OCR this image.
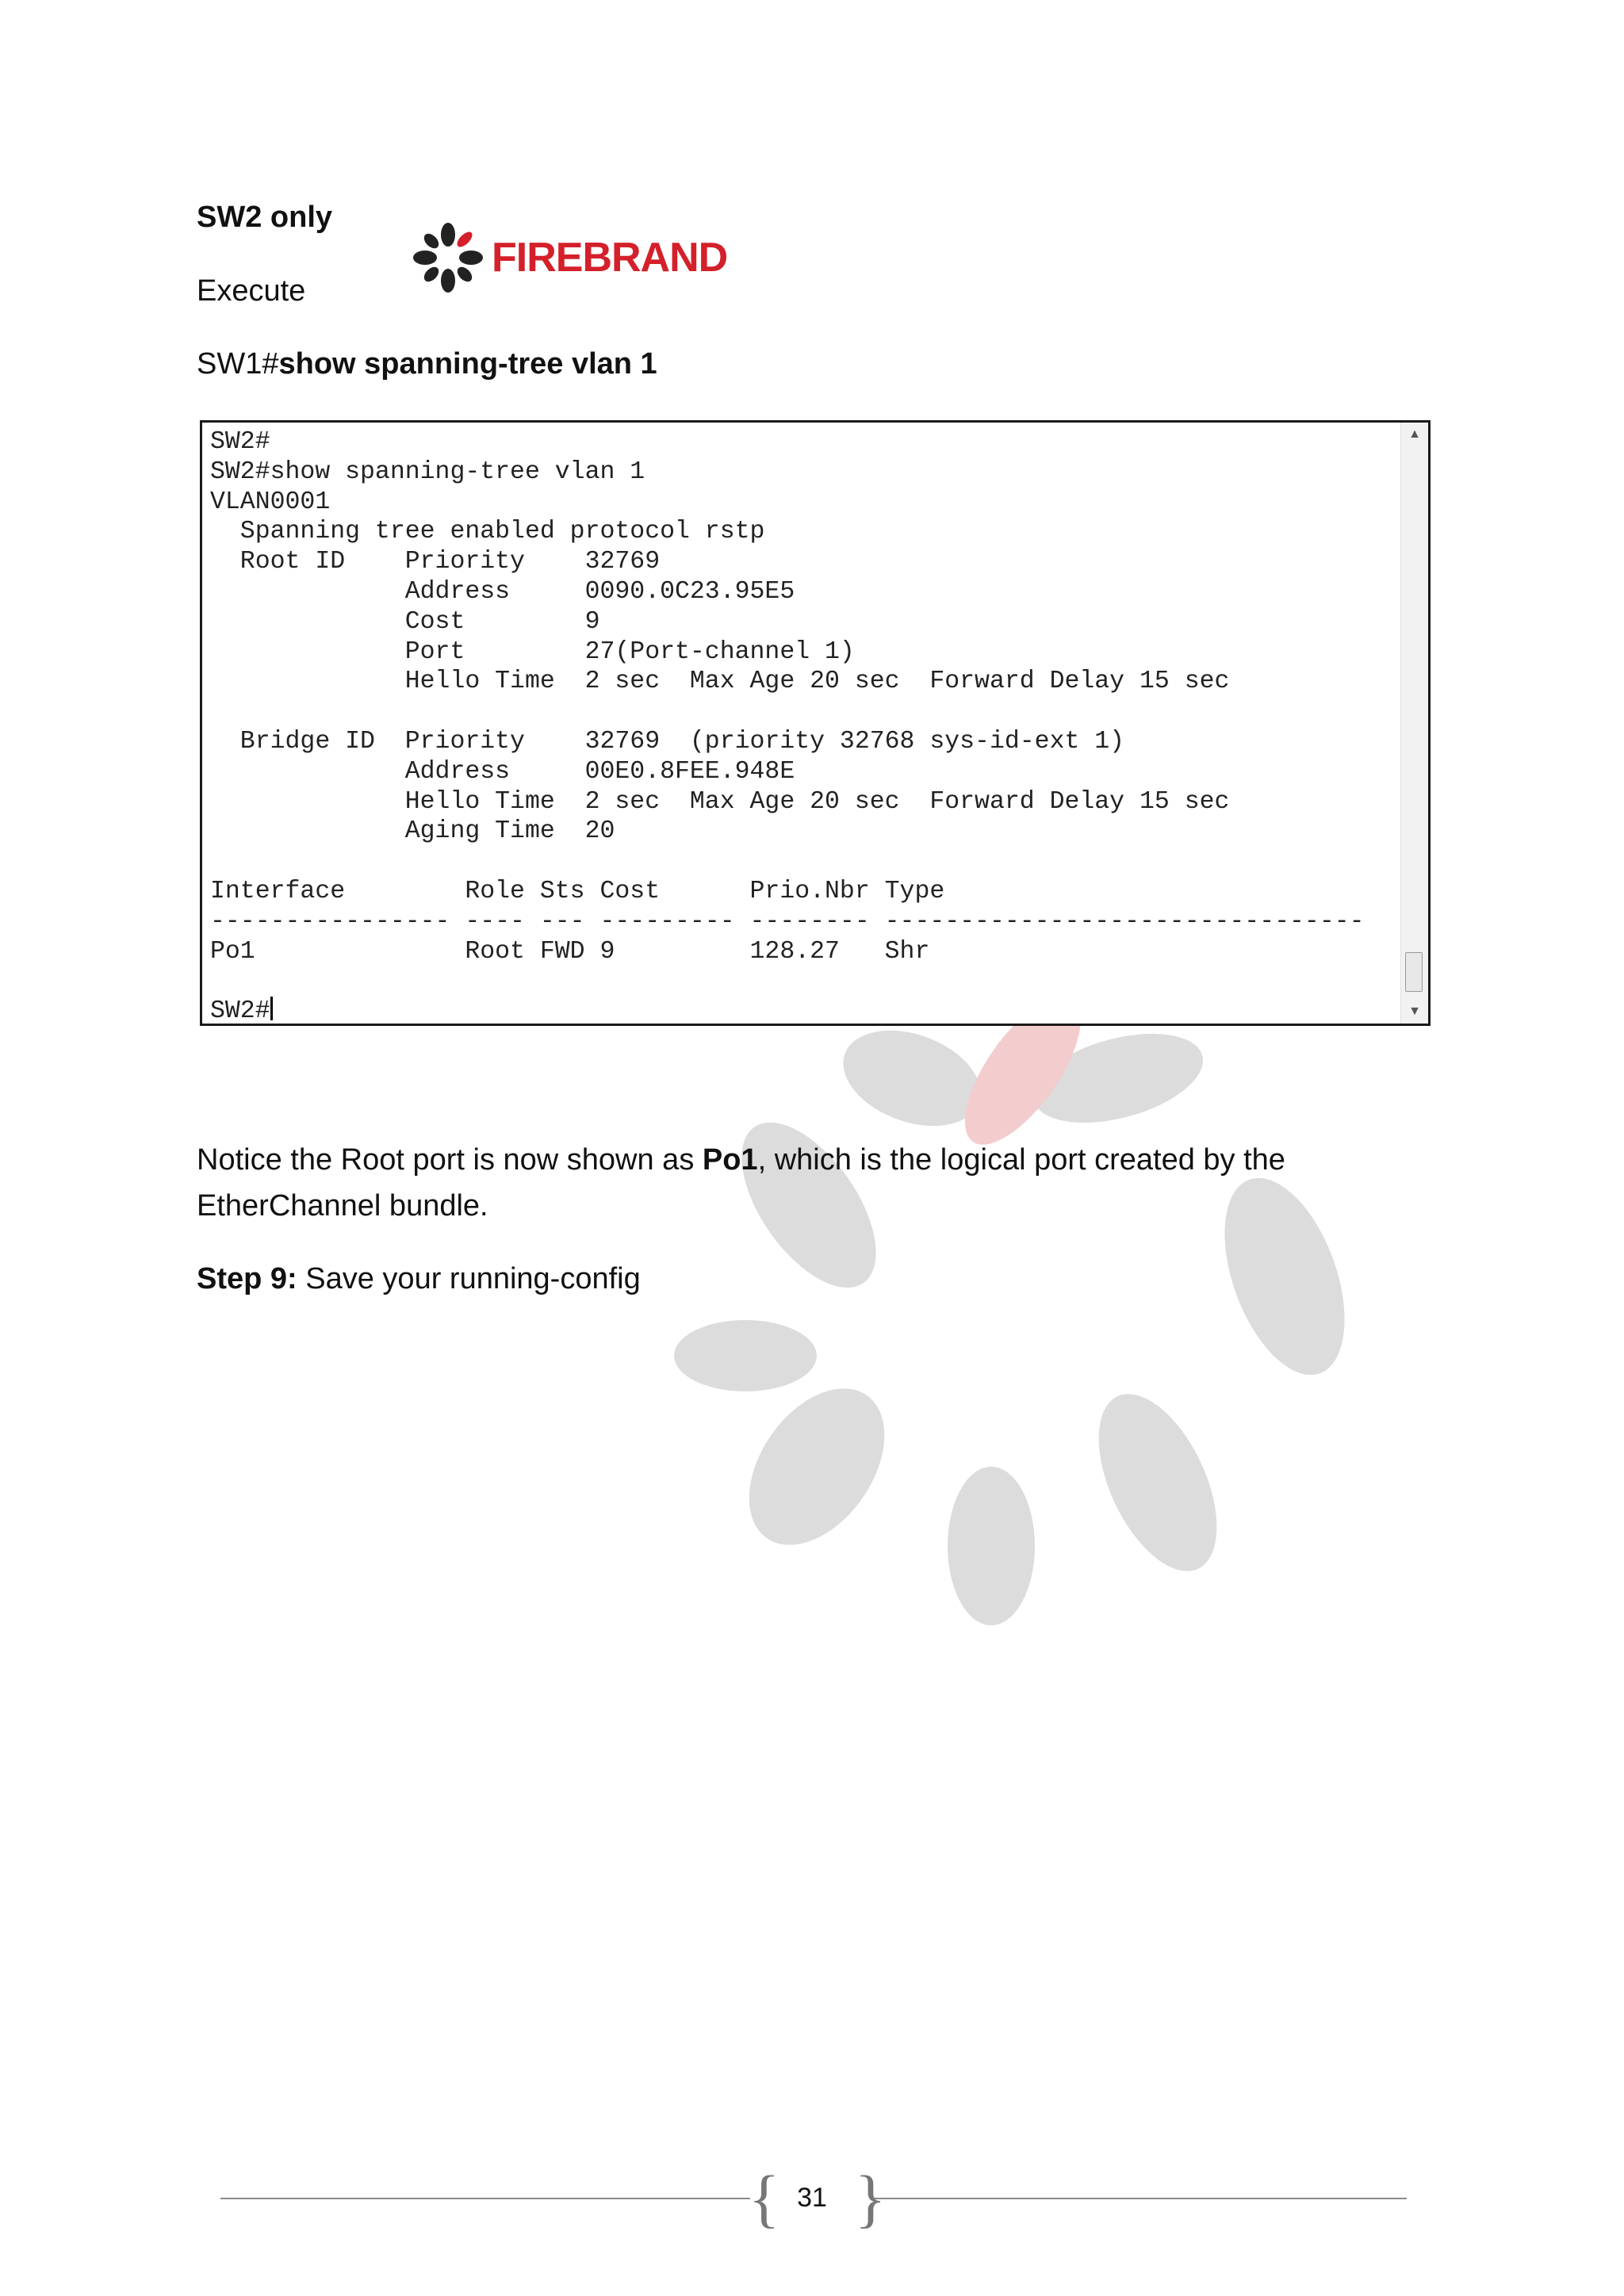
SW2 only
FIREBRAND
Execute
SW1#show spanning-tree vlan 1
SW2#
SW2#show spanning-tree vlan 1
VLAN0001
Spanning tree enabled protocol rstp
Root ID    Priority    32769
Address     0090.0C23.95E5
Cost        9
Port        27(Port-channel 1)
Hello Time  2 sec  Max Age 20 sec  Forward Delay 15 sec

Bridge ID  Priority    32769  (priority 32768 sys-id-ext 1)
Address     00E0.8FEE.948E
Hello Time  2 sec  Max Age 20 sec  Forward Delay 15 sec
Aging Time  20

Interface        Role Sts Cost      Prio.Nbr Type
---------------- ---- --- --------- -------- --------------------------------
Po1              Root FWD 9         128.27   Shr

SW2#
▲
▼
Notice the Root port is now shown as Po1, which is the logical port created by the EtherChannel bundle.
Step 9: Save your running-config
{ }
31
